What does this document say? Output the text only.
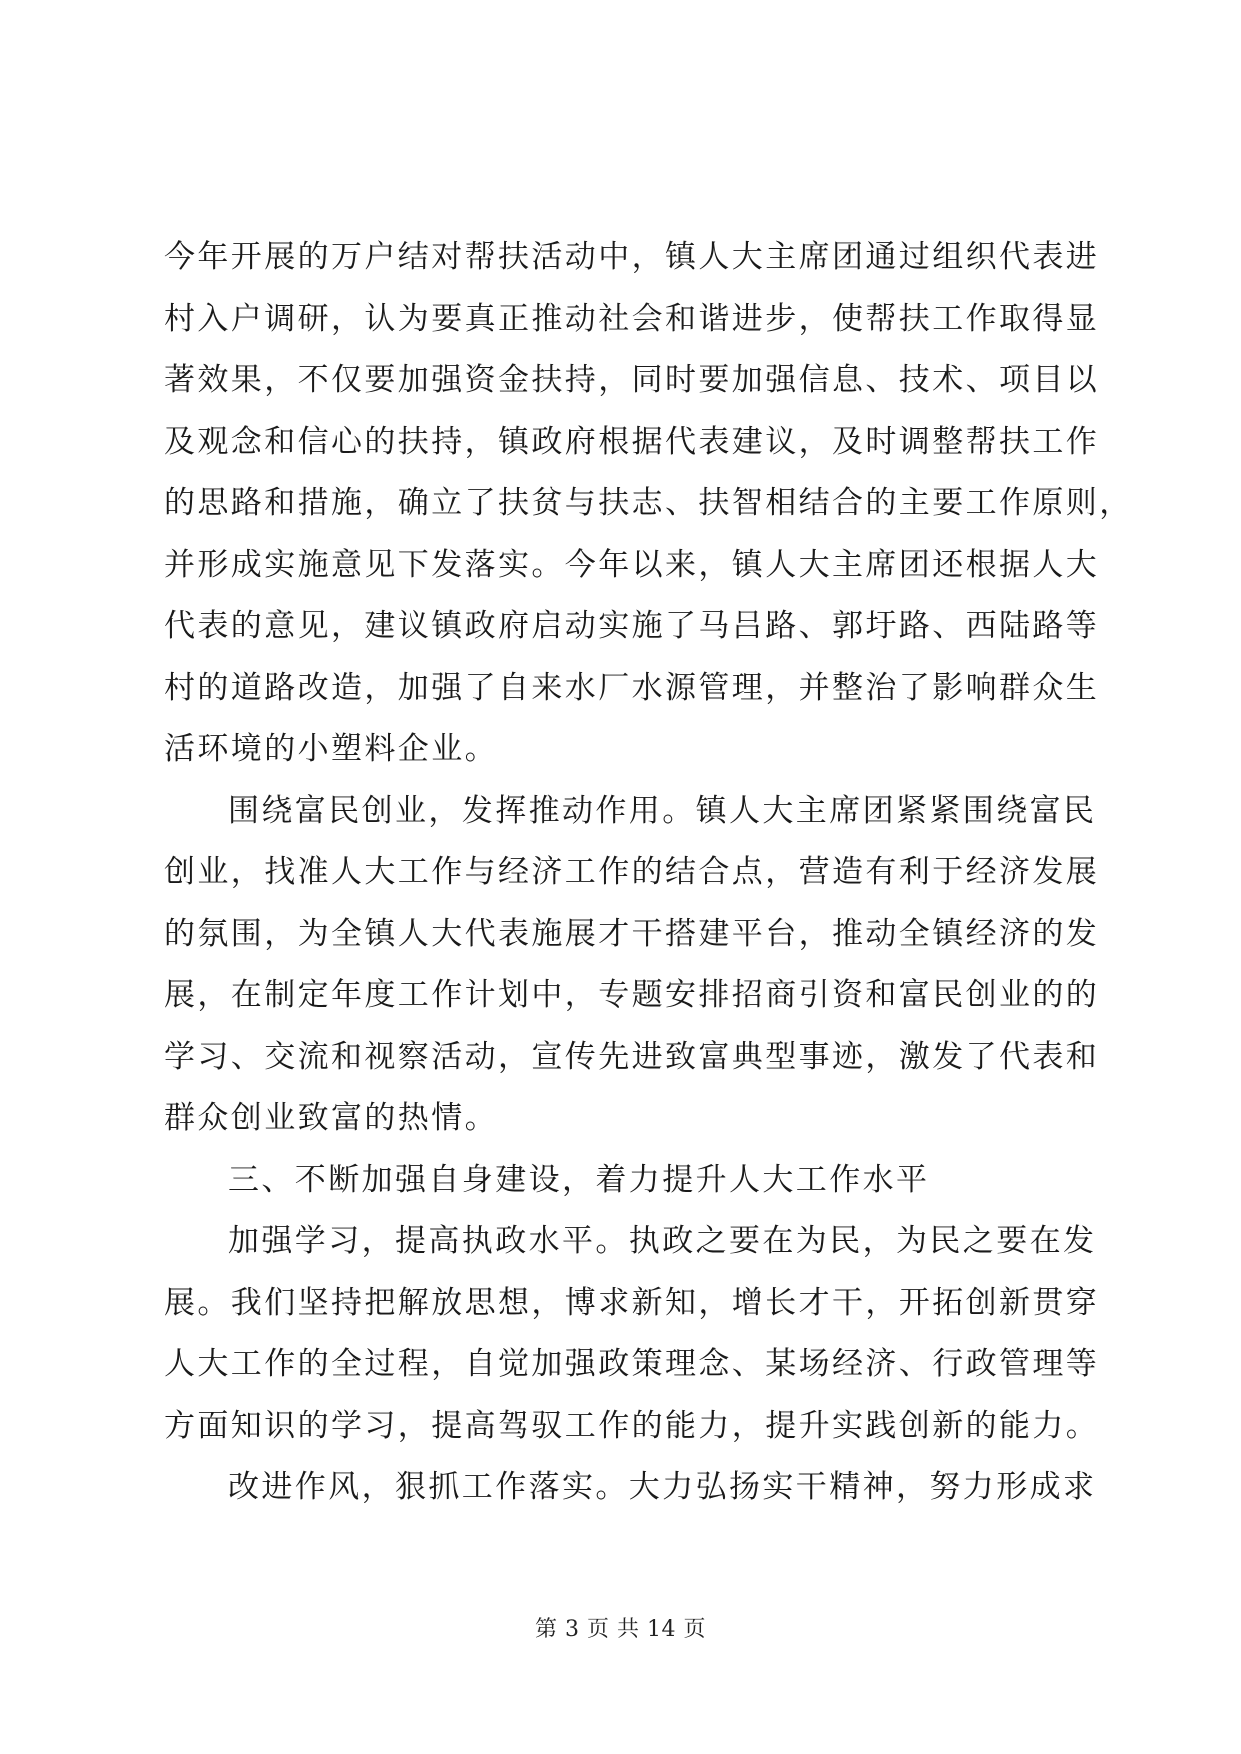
今年开展的万户结对帮扶活动中，镇人大主席团通过组织代表进
村入户调研，认为要真正推动社会和谐进步，使帮扶工作取得显
著效果，不仅要加强资金扶持，同时要加强信息、技术、项目以
及观念和信心的扶持，镇政府根据代表建议，及时调整帮扶工作
的思路和措施，确立了扶贫与扶志、扶智相结合的主要工作原则，
并形成实施意见下发落实。今年以来，镇人大主席团还根据人大
代表的意见，建议镇政府启动实施了马吕路、郭圩路、西陆路等
村的道路改造，加强了自来水厂水源管理，并整治了影响群众生
活环境的小塑料企业。
围绕富民创业，发挥推动作用。镇人大主席团紧紧围绕富民
创业，找准人大工作与经济工作的结合点，营造有利于经济发展
的氛围，为全镇人大代表施展才干搭建平台，推动全镇经济的发
展，在制定年度工作计划中，专题安排招商引资和富民创业的的
学习、交流和视察活动，宣传先进致富典型事迹，激发了代表和
群众创业致富的热情。
三、不断加强自身建设，着力提升人大工作水平
加强学习，提高执政水平。执政之要在为民，为民之要在发
展。我们坚持把解放思想，博求新知，增长才干，开拓创新贯穿
人大工作的全过程，自觉加强政策理念、某场经济、行政管理等
方面知识的学习，提高驾驭工作的能力，提升实践创新的能力。
改进作风，狠抓工作落实。大力弘扬实干精神，努力形成求
第 3 页 共 14 页
